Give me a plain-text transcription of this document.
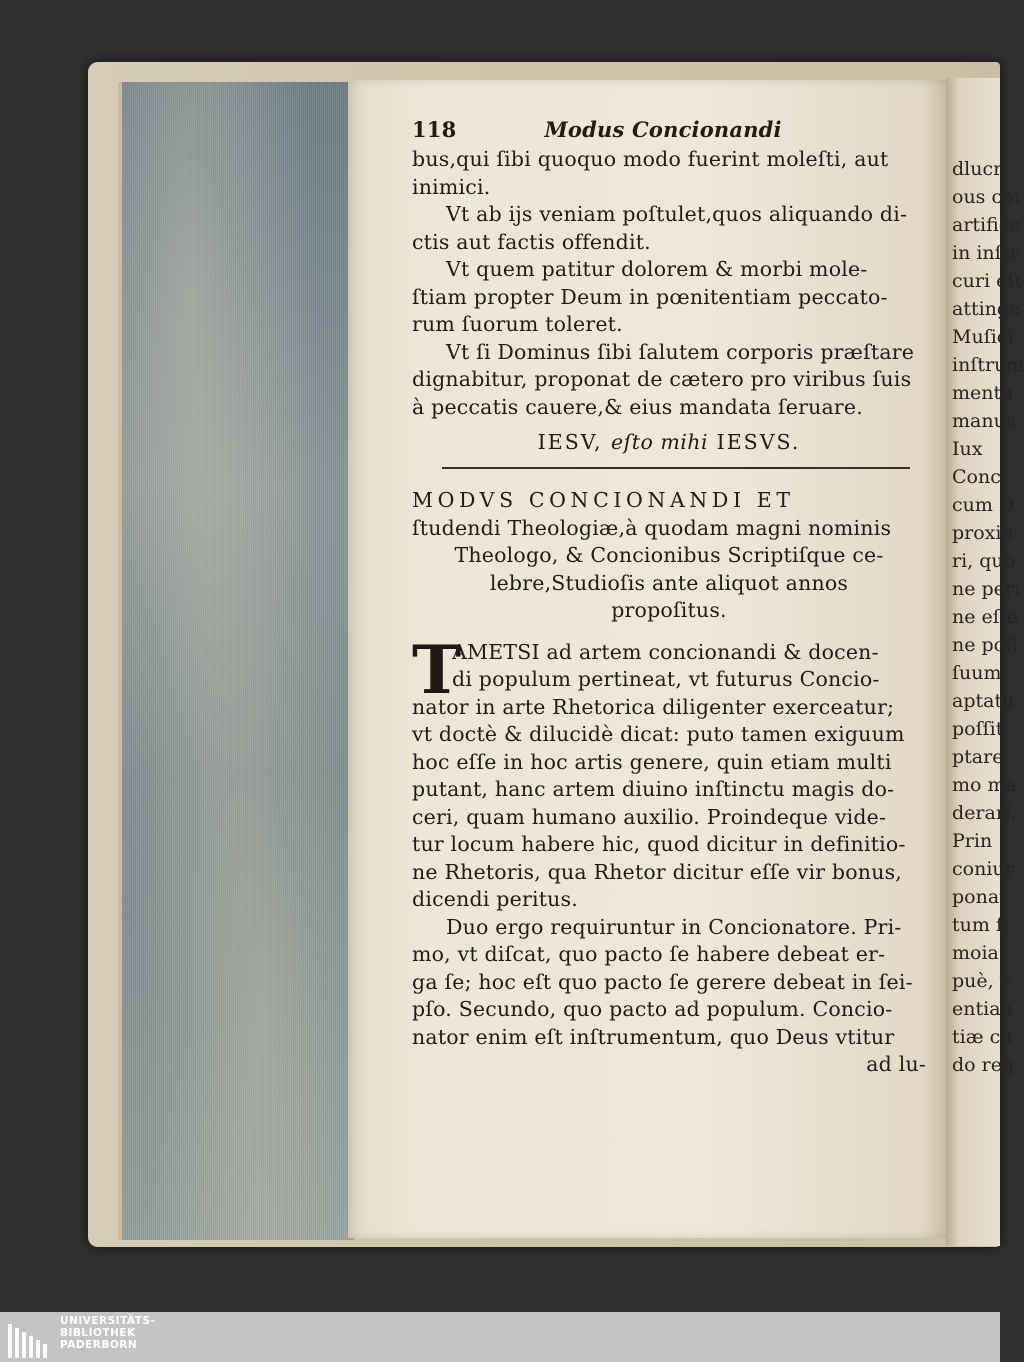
dlucr
ous coi
artifice
in inſtr
curi eſt
attinge
Muſici
inſtrum
mentu
manus
Iux
Conci
cum D
proxin
ri, quo
ne peri
ne eſſe
ne poſi
ſuum,
aptatu
poſſit
ptare
mo ma
derari.
Prin
coniur
ponat
tum ſi
moia
puè, v
entian
tiæ cu
do req
118	Modus Concionandi
bus,qui ſibi quoquo modo fuerint moleſti, aut
inimici.
Vt ab ijs veniam poſtulet,quos aliquando di-
ctis aut factis offendit.
Vt quem patitur dolorem & morbi mole-
ſtiam propter Deum in pœnitentiam peccato-
rum ſuorum toleret.
Vt ſi Dominus ſibi ſalutem corporis præſtare
dignabitur, proponat de cætero pro viribus ſuis
à peccatis cauere,& eius mandata ſeruare.
IESV, eſto mihi IESVS.
MODVS CONCIONANDI ET
ſtudendi Theologiæ,à quodam magni nominis
Theologo, & Concionibus Scriptiſque ce-
lebre,Studioſis ante aliquot annos
propoſitus.
T
AMETSI ad artem concionandi & docen-
di populum pertineat, vt futurus Concio-
nator in arte Rhetorica diligenter exerceatur;
vt doctè & dilucidè dicat: puto tamen exiguum
hoc eſſe in hoc artis genere, quin etiam multi
putant, hanc artem diuino inſtinctu magis do-
ceri, quam humano auxilio. Proindeque vide-
tur locum habere hic, quod dicitur in definitio-
ne Rhetoris, qua Rhetor dicitur eſſe vir bonus,
dicendi peritus.
Duo ergo requiruntur in Concionatore. Pri-
mo, vt diſcat, quo pacto ſe habere debeat er-
ga ſe; hoc eſt quo pacto ſe gerere debeat in ſei-
pſo. Secundo, quo pacto ad populum. Concio-
nator enim eſt inſtrumentum, quo Deus vtitur
ad lu-
UNIVERSITÄTS-
BIBLIOTHEK
PADERBORN
